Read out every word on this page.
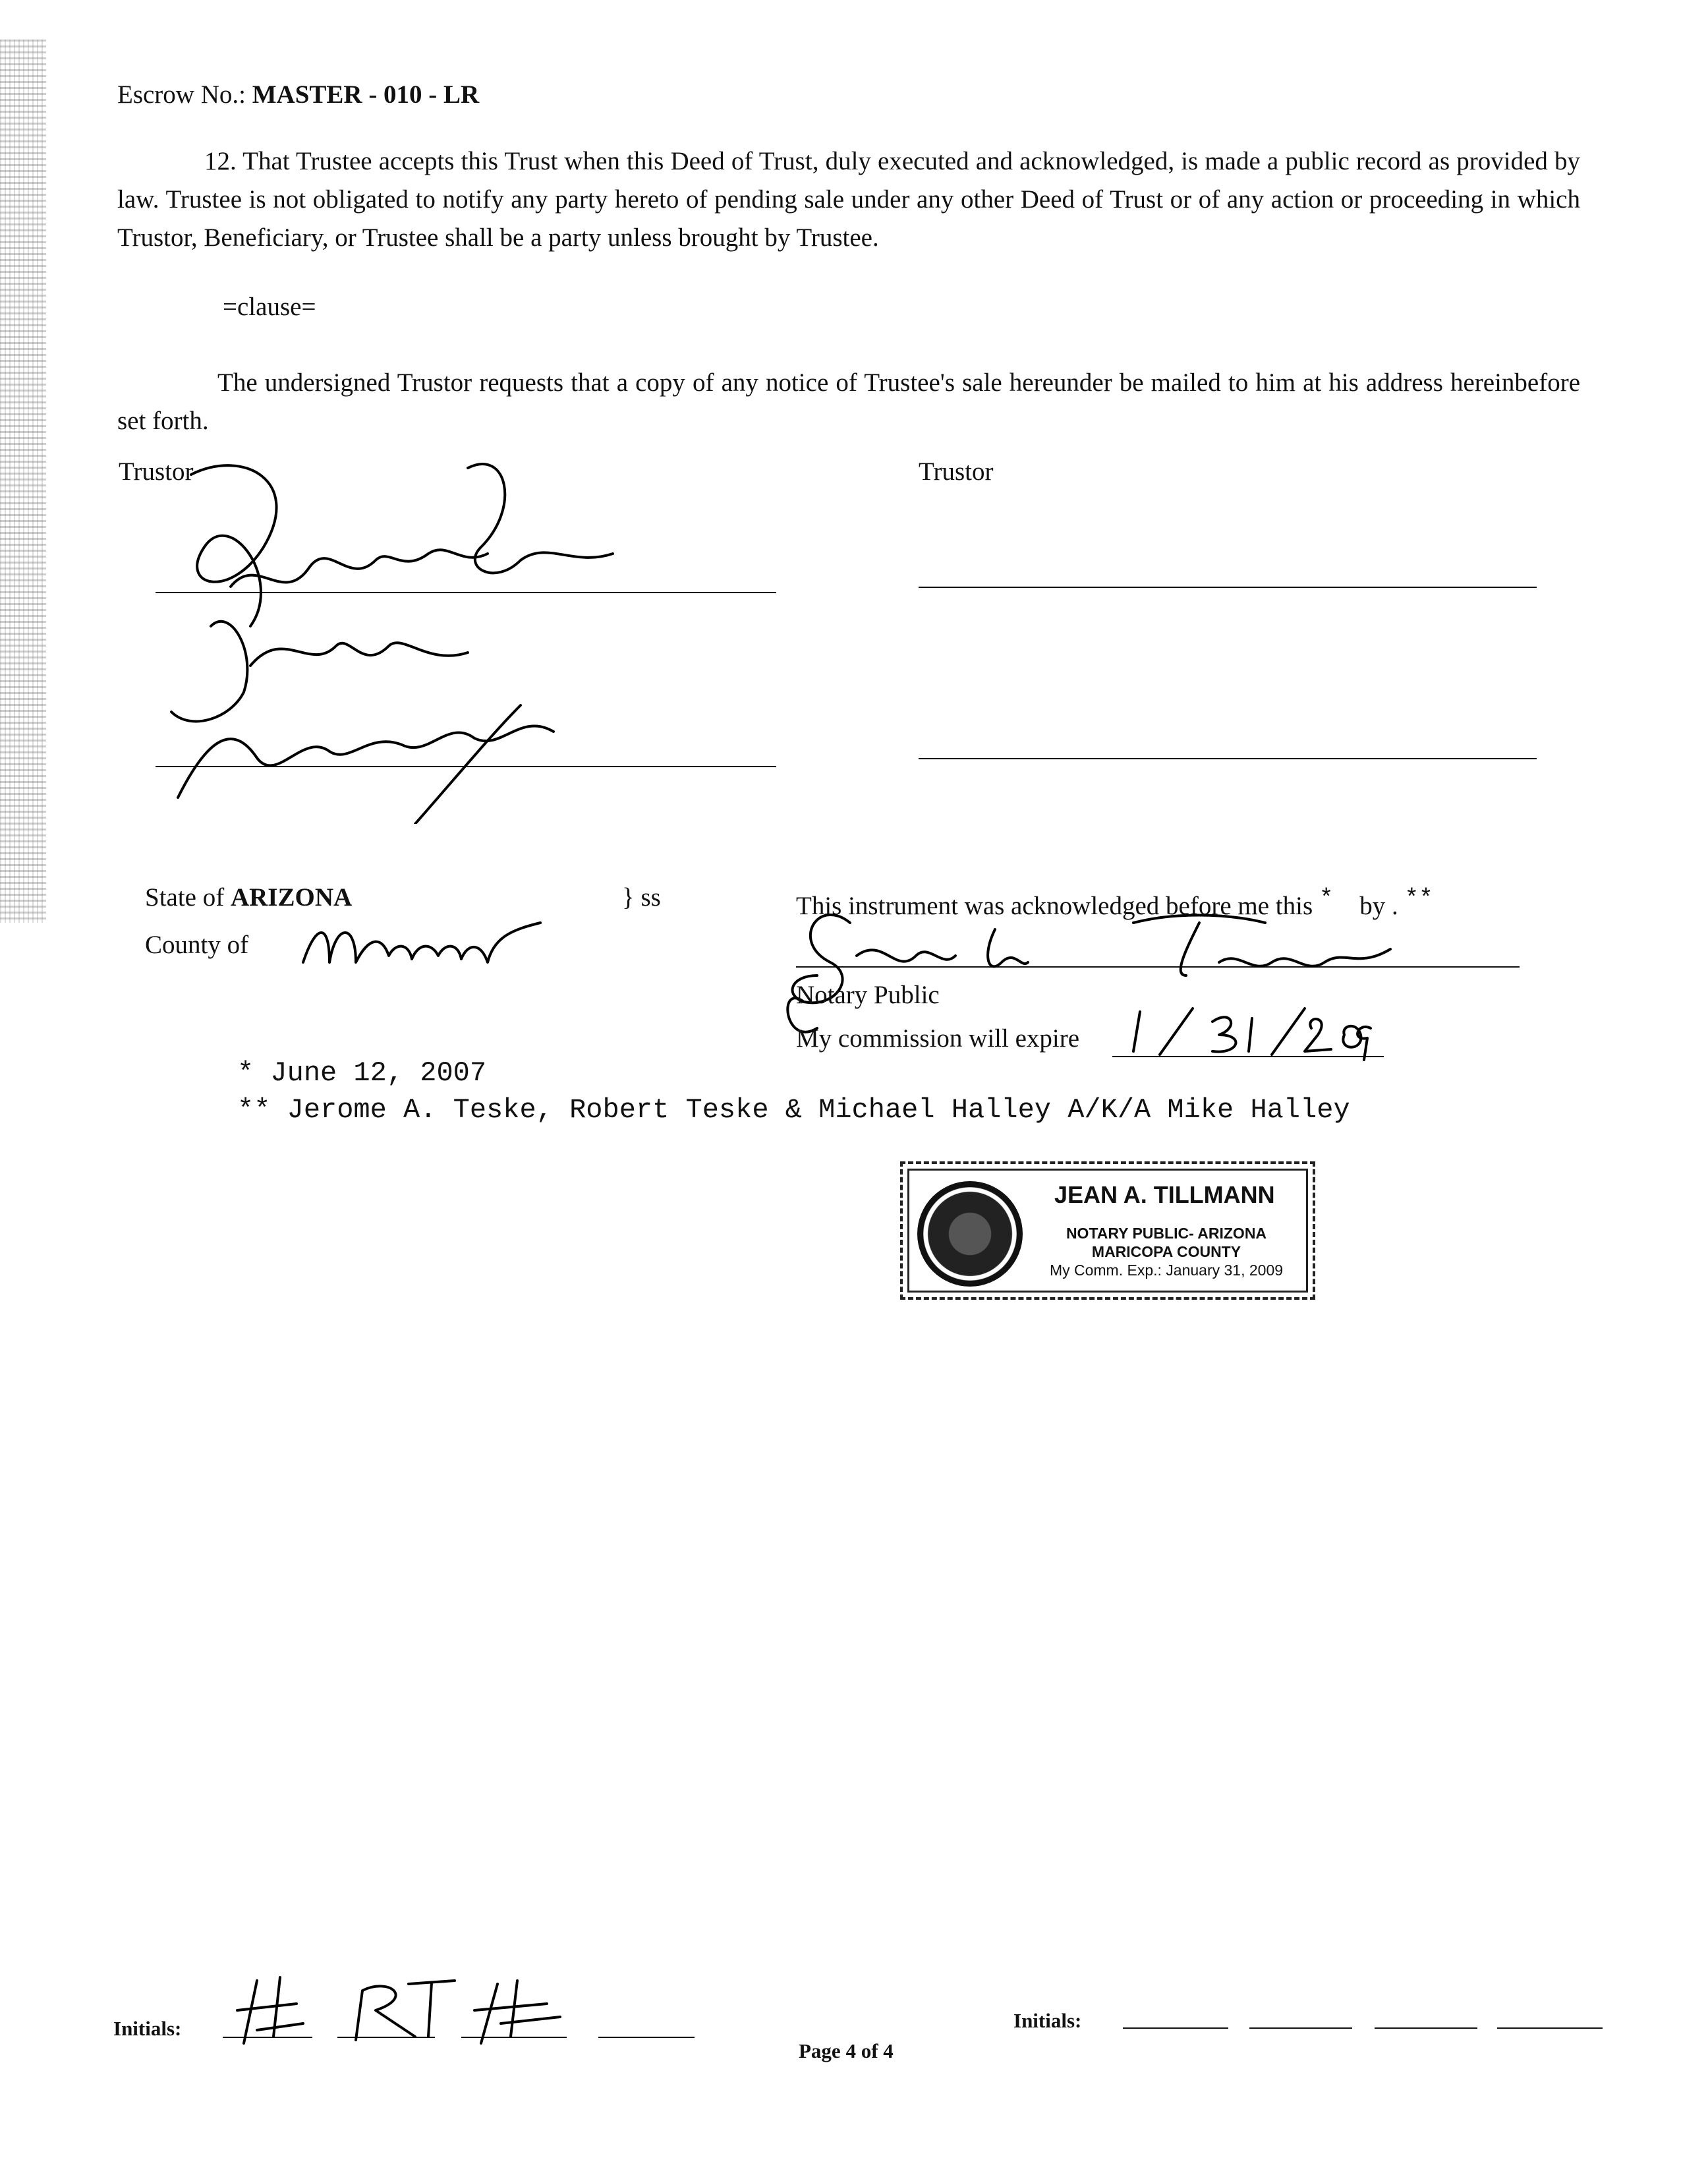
Escrow No.: MASTER - 010 - LR
12. That Trustee accepts this Trust when this Deed of Trust, duly executed and acknowledged, is made a public record as provided by law. Trustee is not obligated to notify any party hereto of pending sale under any other Deed of Trust or of any action or proceeding in which Trustor, Beneficiary, or Trustee shall be a party unless brought by Trustee.
=clause=
The undersigned Trustor requests that a copy of any notice of Trustee's sale hereunder be mailed to him at his address hereinbefore set forth.
Trustor	Trustor
State of ARIZONA	} ss
County of
This instrument was acknowledged before me this * by . **
Notary Public
My commission will expire
* June 12, 2007
** Jerome A. Teske, Robert Teske & Michael Halley A/K/A Mike Halley
JEAN A. TILLMANN
NOTARY PUBLIC- ARIZONA
MARICOPA COUNTY
My Comm. Exp.: January 31, 2009
Initials:	Initials:
Page 4 of 4
